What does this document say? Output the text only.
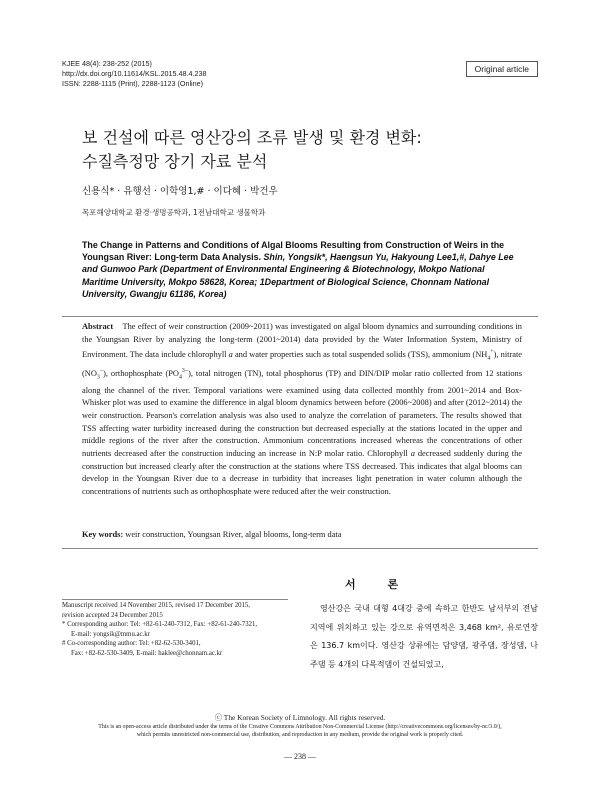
KJEE 48(4): 238-252 (2015)
http://dx.doi.org/10.11614/KSL.2015.48.4.238
ISSN: 2288-1115 (Print), 2288-1123 (Online)
Original article
보 건설에 따른 영산강의 조류 발생 및 환경 변화:
수질측정망 장기 자료 분석
신용식* · 유행선 · 이학영1,# · 이다혜 · 박건우
목포해양대학교 환경·생명공학과, 1전남대학교 생물학과
The Change in Patterns and Conditions of Algal Blooms Resulting from Construction of Weirs in the Youngsan River: Long-term Data Analysis. Shin, Yongsik*, Haengsun Yu, Hakyoung Lee1,#, Dahye Lee and Gunwoo Park (Department of Environmental Engineering & Biotechnology, Mokpo National Maritime University, Mokpo 58628, Korea; 1Department of Biological Science, Chonnam National University, Gwangju 61186, Korea)
Abstract The effect of weir construction (2009~2011) was investigated on algal bloom dynamics and surrounding conditions in the Youngsan River by analyzing the long-term (2001~2014) data provided by the Water Information System, Ministry of Environment. The data include chlorophyll a and water properties such as total suspended solids (TSS), ammonium $(NH_4^+)$, nitrate $(NO_3^-)$, orthophosphate $(PO_4^{3-})$, total nitrogen (TN), total phosphorus (TP) and DIN/DIP molar ratio collected from 12 stations along the channel of the river. Temporal variations were examined using data collected monthly from 2001~2014 and Box-Whisker plot was used to examine the difference in algal bloom dynamics between before (2006~2008) and after (2012~2014) the weir construction. Pearson's correlation analysis was also used to analyze the correlation of parameters. The results showed that TSS affecting water turbidity increased during the construction but decreased especially at the stations located in the upper and middle regions of the river after the construction. Ammonium concentrations increased whereas the concentrations of other nutrients decreased after the construction inducing an increase in N:P molar ratio. Chlorophyll a decreased suddenly during the construction but increased clearly after the construction at the stations where TSS decreased. This indicates that algal blooms can develop in the Youngsan River due to a decrease in turbidity that increases light penetration in water column although the concentrations of nutrients such as orthophosphate were reduced after the weir construction.
Key words: weir construction, Youngsan River, algal blooms, long-term data
서 론

Manuscript received 14 November 2015, revised 17 December 2015,

revision accepted 24 December 2015

* Corresponding author: Tel: +82-61-240-7312, Fax: +82-61-240-7321,

E-mail: yongsik@mmu.ac.kr

# Co-corresponding author: Tel: +82-62-530-3401,

Fax: +82-62-530-3409, E-mail: haklee@chonnam.ac.kr

영산강은 국내 대형 4대강 중에 속하고 한반도 남서부의 전남지역에 위치하고 있는 강으로 유역면적은 3,468 km², 유로연장은 136.7 km이다. 영산강 상류에는 담양댐, 광주댐, 장성댐, 나주댐 등 4개의 다목적댐이 건설되었고,
ⓒ The Korean Society of Limnology. All rights reserved.
This is an open-access article distributed under the terms of the Creative Commons Attribution Non-Commercial License (http://creativecommons.org/licenses/by-nc/3.0/),
which permits unrestricted non-commercial use, distribution, and reproduction in any medium, provide the original work is properly cited.
— 238 —
